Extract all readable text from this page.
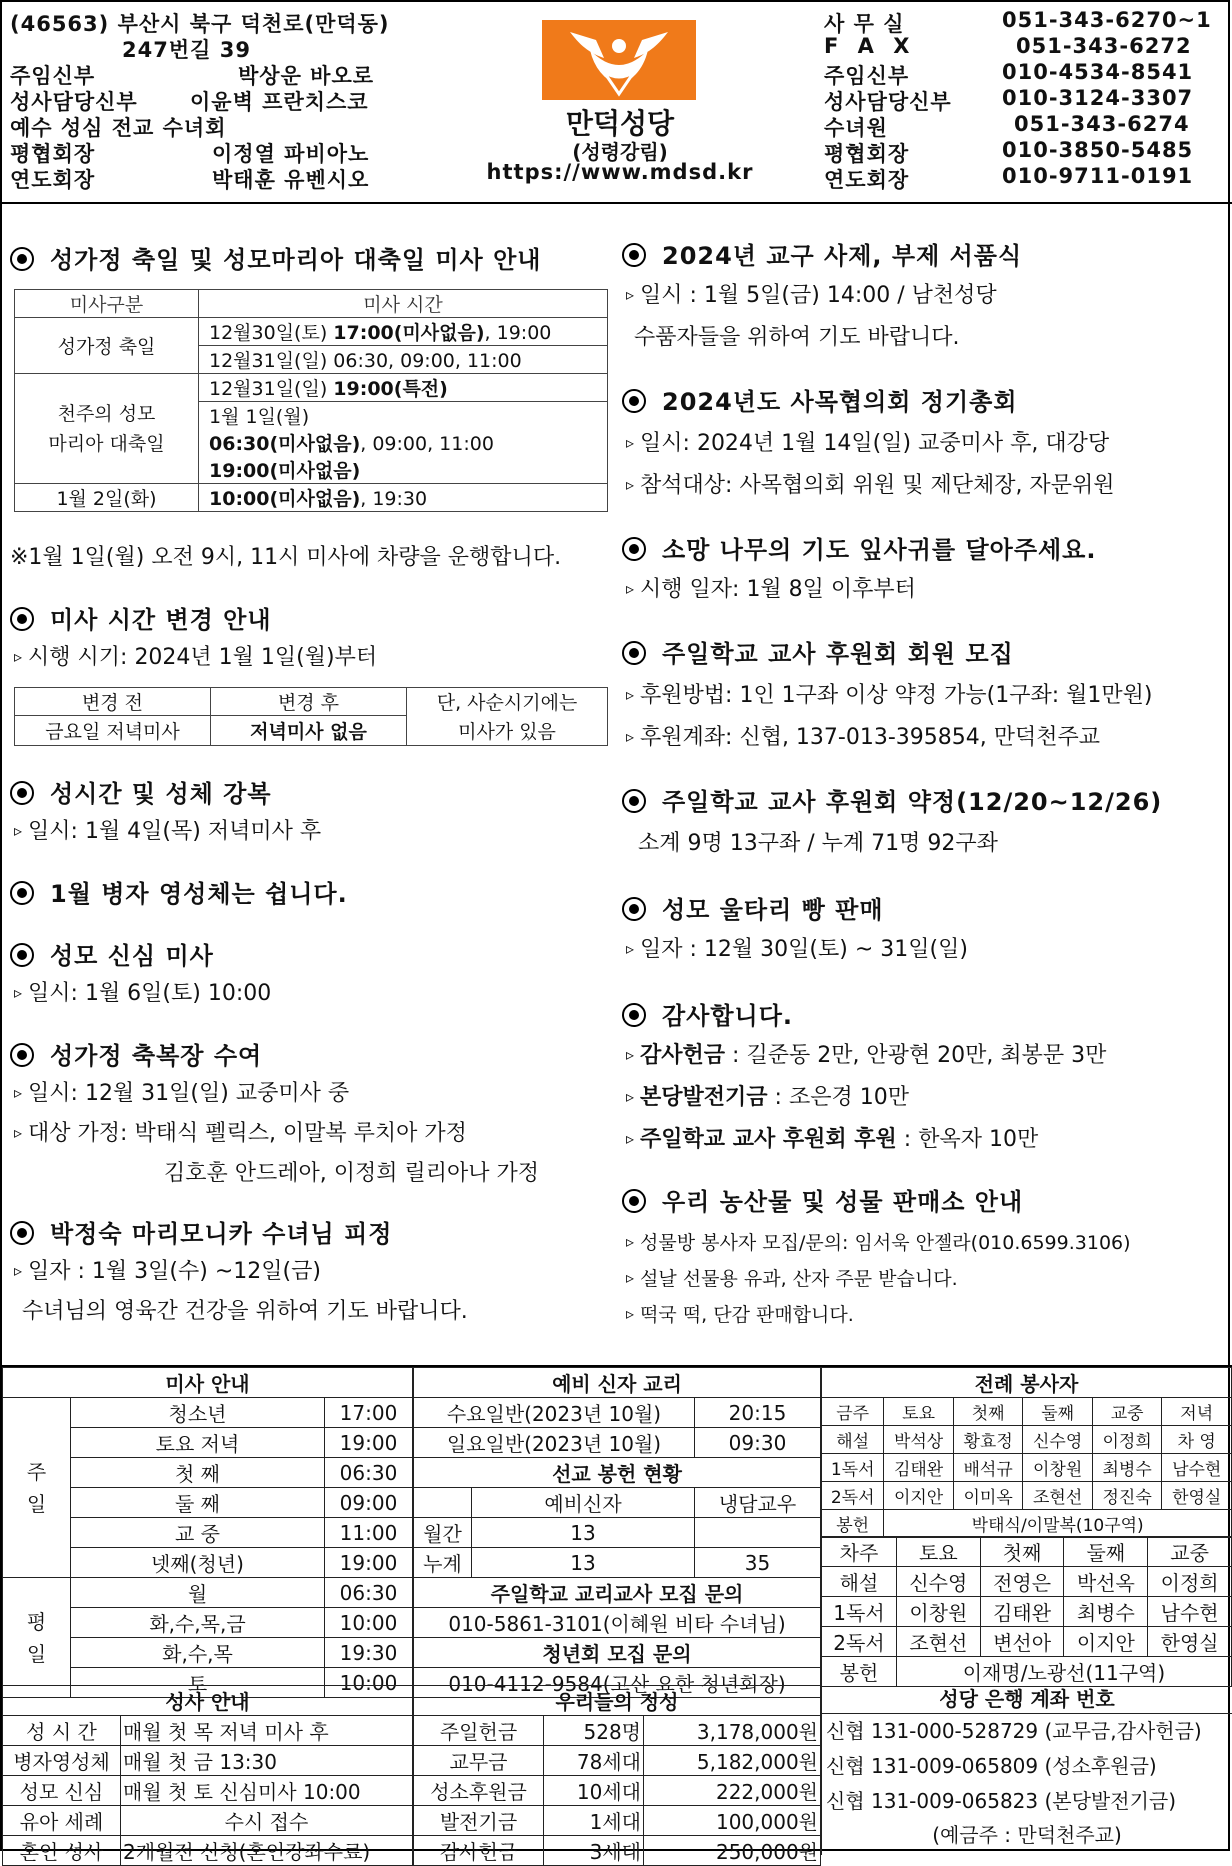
(46563) 부산시 북구 덕천로(만덕동)
247번길 39
주임신부	박상운 바오로
성사담당신부 이윤벽 프란치스코
예수 성심 전교 수녀회
평협회장	이정열 파비아노
연도회장	박태훈 유벤시오
만덕성당
(성령강림)
https://www.mdsd.kr
사 무 실	051-343-6270~1
F A X	051-343-6272
주임신부	010-4534-8541
성사담당신부 010-3124-3307
수녀원	051-343-6274
평협회장	010-3850-5485
연도회장	010-9711-0191
성가정 축일 및 성모마리아 대축일 미사 안내
미사구분	미사 시간
성가정 축일	12월30일(토) 17:00(미사없음), 19:00
	12월31일(일) 06:30, 09:00, 11:00

천주의 성모
마리아 대축일	12월31일(일) 19:00(특전)
	1월 1일(월)
	06:30(미사없음), 09:00, 11:00
	19:00(미사없음)
1월 2일(화)	10:00(미사없음), 19:30
※1월 1일(월) 오전 9시, 11시 미사에 차량을 운행합니다.
미사 시간 변경 안내
▹ 시행 시기: 2024년 1월 1일(월)부터
변경 전	변경 후	단, 사순시기에는
금요일 저녁미사	저녁미사 없음	미사가 있음
성시간 및 성체 강복
▹ 일시: 1월 4일(목) 저녁미사 후
1월 병자 영성체는 쉽니다.
성모 신심 미사
▹ 일시: 1월 6일(토) 10:00
성가정 축복장 수여
▹ 일시: 12월 31일(일) 교중미사 중
▹ 대상 가정: 박태식 펠릭스, 이말복 루치아 가정
김호훈 안드레아, 이정희 릴리아나 가정
박정숙 마리모니카 수녀님 피정
▹ 일자 : 1월 3일(수) ~12일(금)
수녀님의 영육간 건강을 위하여 기도 바랍니다.
2024년 교구 사제, 부제 서품식
▹ 일시 : 1월 5일(금) 14:00 / 남천성당
수품자들을 위하여 기도 바랍니다.
2024년도 사목협의회 정기총회
▹ 일시: 2024년 1월 14일(일) 교중미사 후, 대강당
▹ 참석대상: 사목협의회 위원 및 제단체장, 자문위원
소망 나무의 기도 잎사귀를 달아주세요.
▹ 시행 일자: 1월 8일 이후부터
주일학교 교사 후원회 회원 모집
▹ 후원방법: 1인 1구좌 이상 약정 가능(1구좌: 월1만원)
▹ 후원계좌: 신협, 137-013-395854, 만덕천주교
주일학교 교사 후원회 약정(12/20~12/26)
소계 9명 13구좌 / 누계 71명 92구좌
성모 울타리 빵 판매
▹ 일자 : 12월 30일(토) ~ 31일(일)
감사합니다.
▹ 감사헌금 : 길준동 2만, 안광현 20만, 최봉문 3만
▹ 본당발전기금 : 조은경 10만
▹ 주일학교 교사 후원회 후원 : 한옥자 10만
우리 농산물 및 성물 판매소 안내
▹ 성물방 봉사자 모집/문의: 임서욱 안젤라(010.6599.3106)
▹ 설날 선물용 유과, 산자 주문 받습니다.
▹ 떡국 떡, 단감 판매합니다.
미사 안내		

주
일	청소년	17:00
	토요 저녁	19:00
	첫 째	06:30
	둘 째	09:00
	교 중	11:00
	넷째(청년)	19:00

평
일	월	06:30
	화,수,목,금	10:00
	화,수,목	19:30
	토	10:00
예비 신자 교리		
수요일반(2023년 10월)		20:15
일요일반(2023년 10월)		09:30
선교 봉헌 현황		
	예비신자	냉담교우
월간	13	
누계	13	35
주일학교 교리교사 모집 문의		
010-5861-3101(이혜원 비타 수녀님)		
청년회 모집 문의		
010-4112-9584(고산 요한 청년회장)		
전례 봉사자					
금주	토요	첫째	둘째	교중	저녁
해설	박석상	황효정	신수영	이정희	차 영
1독서	김태완	배석규	이창원	최병수	남수현
2독서	이지안	이미옥	조현선	정진숙	한영실
봉헌	박태식/이말복(10구역)				
차주	토요	첫째	둘째	교중
해설	신수영	전영은	박선옥	이정희
1독서	이창원	김태완	최병수	남수현
2독서	조현선	변선아	이지안	한영실
봉헌	이재명/노광선(11구역)			
성사 안내	
성 시 간	매월 첫 목 저녁 미사 후
병자영성체	매월 첫 금 13:30
성모 신심	매월 첫 토 신심미사 10:00
유아 세례	수시 접수
혼인 성사	2개월전 신청(혼인강좌수료)
우리들의 정성		
주일헌금	528명	3,178,000원
교무금	78세대	5,182,000원
성소후원금	10세대	222,000원
발전기금	1세대	100,000원
감사헌금	3세대	250,000원
성당 은행 계좌 번호
신협 131-000-528729 (교무금,감사헌금)
신협 131-009-065809 (성소후원금)
신협 131-009-065823 (본당발전기금)
(예금주 : 만덕천주교)
